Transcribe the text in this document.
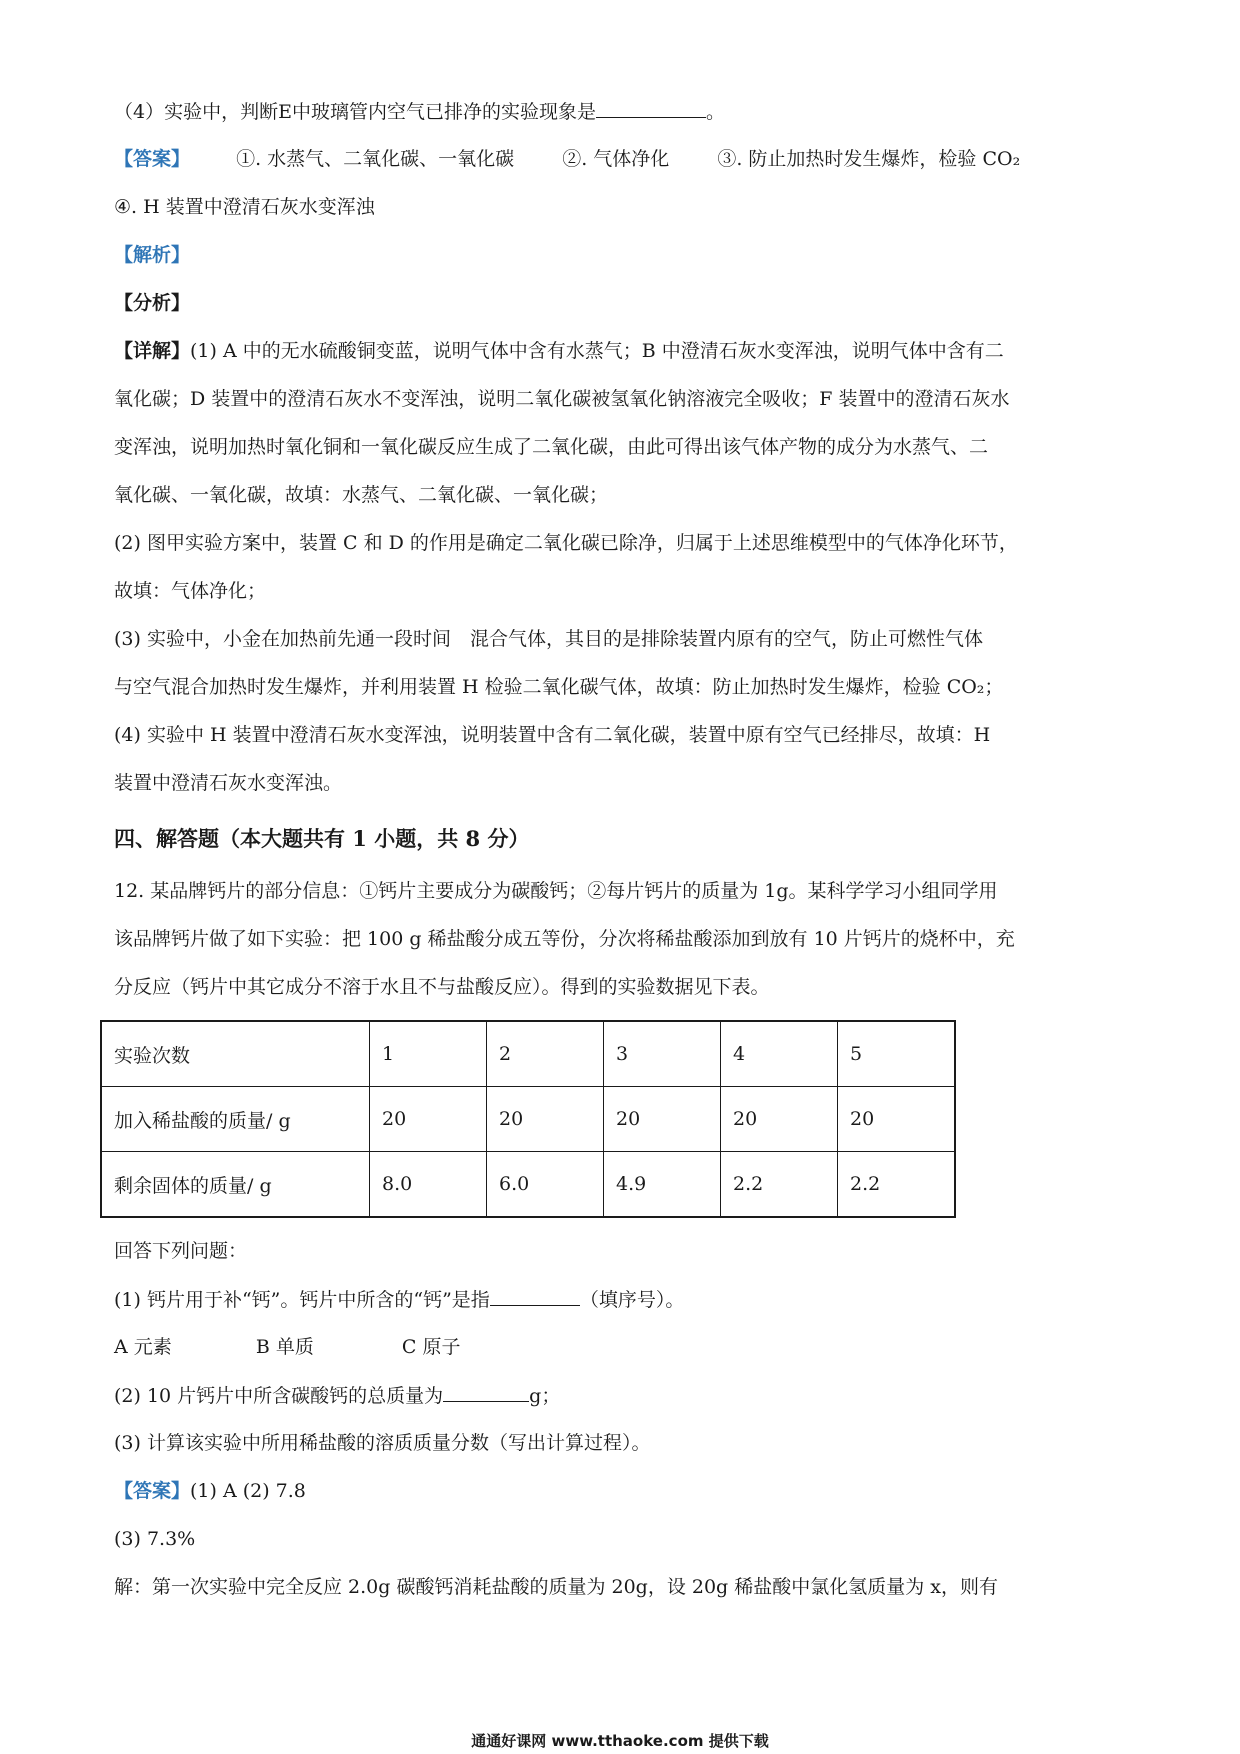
（4）实验中，判断E中玻璃管内空气已排净的实验现象是	。
【答案】 ①. 水蒸气、二氧化碳、一氧化碳	②. 气体净化	③. 防止加热时发生爆炸，检验 CO₂
④. H 装置中澄清石灰水变浑浊
【解析】
【分析】
【详解】(1) A 中的无水硫酸铜变蓝，说明气体中含有水蒸气；B 中澄清石灰水变浑浊，说明气体中含有二
氧化碳；D 装置中的澄清石灰水不变浑浊，说明二氧化碳被氢氧化钠溶液完全吸收；F 装置中的澄清石灰水
变浑浊，说明加热时氧化铜和一氧化碳反应生成了二氧化碳，由此可得出该气体产物的成分为水蒸气、二
氧化碳、一氧化碳，故填：水蒸气、二氧化碳、一氧化碳；
(2) 图甲实验方案中，装置 C 和 D 的作用是确定二氧化碳已除净，归属于上述思维模型中的气体净化环节，
故填：气体净化；
(3) 实验中，小金在加热前先通一段时间　混合气体，其目的是排除装置内原有的空气，防止可燃性气体
与空气混合加热时发生爆炸，并利用装置 H 检验二氧化碳气体，故填：防止加热时发生爆炸，检验 CO₂；
(4) 实验中 H 装置中澄清石灰水变浑浊，说明装置中含有二氧化碳，装置中原有空气已经排尽，故填：H
装置中澄清石灰水变浑浊。
四、解答题（本大题共有 1 小题，共 8 分）
12. 某品牌钙片的部分信息：①钙片主要成分为碳酸钙；②每片钙片的质量为 1g。某科学学习小组同学用
该品牌钙片做了如下实验：把 100 g 稀盐酸分成五等份，分次将稀盐酸添加到放有 10 片钙片的烧杯中，充
分反应（钙片中其它成分不溶于水且不与盐酸反应）。得到的实验数据见下表。
实验次数	1	2	3	4	5
加入稀盐酸的质量/ g	20	20	20	20	20
剩余固体的质量/ g	8.0	6.0	4.9	2.2	2.2
回答下列问题：
(1) 钙片用于补“钙”。钙片中所含的“钙”是指	（填序号）。
A 元素	B 单质	C 原子
(2) 10 片钙片中所含碳酸钙的总质量为	g；
(3) 计算该实验中所用稀盐酸的溶质质量分数（写出计算过程）。
【答案】(1) A (2) 7.8
(3) 7.3%
解：第一次实验中完全反应 2.0g 碳酸钙消耗盐酸的质量为 20g，设 20g 稀盐酸中氯化氢质量为 x，则有
通通好课网 www.tthaoke.com 提供下载
